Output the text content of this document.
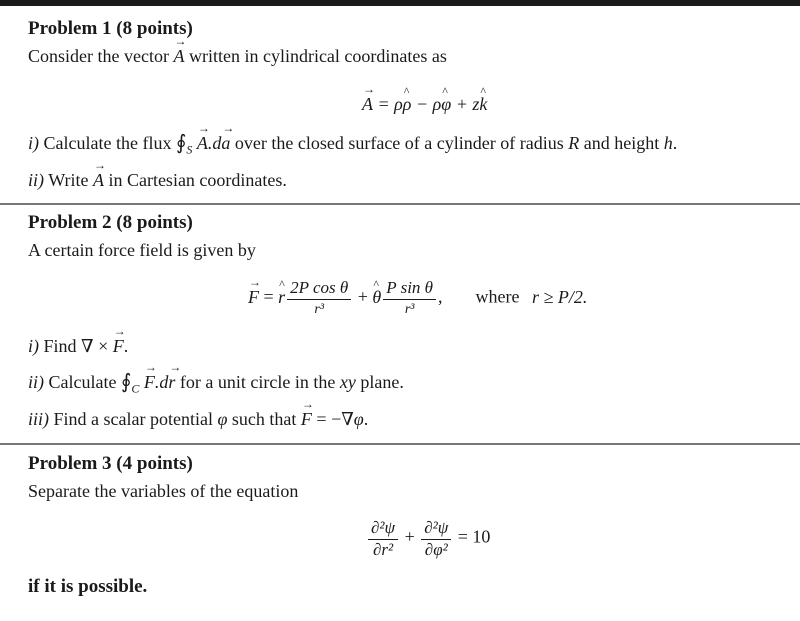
Problem 1 (8 points)
Consider the vector → A written in cylindrical coordinates as
→ A = ρ^ ρ − ρ^ φ + z^ k
i) Calculate the flux $∮_S \to A.d\to a$ over the closed surface of a cylinder of radius R and height h.
ii) Write → A in Cartesian coordinates.
Problem 2 (8 points)
A certain force field is given by
→ F = ^ r $\frac{\text{2P cos θ}}{\text{r³}}$ + ^ θ $\frac{\text{P sin θ}}{\text{r³}}$ , where r ≥ P/2.
i) Find ∇ × → F.
ii) Calculate $∮_C \to F.d\to r$ for a unit circle in the xy plane.
iii) Find a scalar potential φ such that → F = −∇φ.
Problem 3 (4 points)
Separate the variables of the equation
$\frac{\text{∂²ψ}}{\text{∂r²}} + \frac{\text{∂²ψ}}{\text{∂φ²}} = 10$
if it is possible.
